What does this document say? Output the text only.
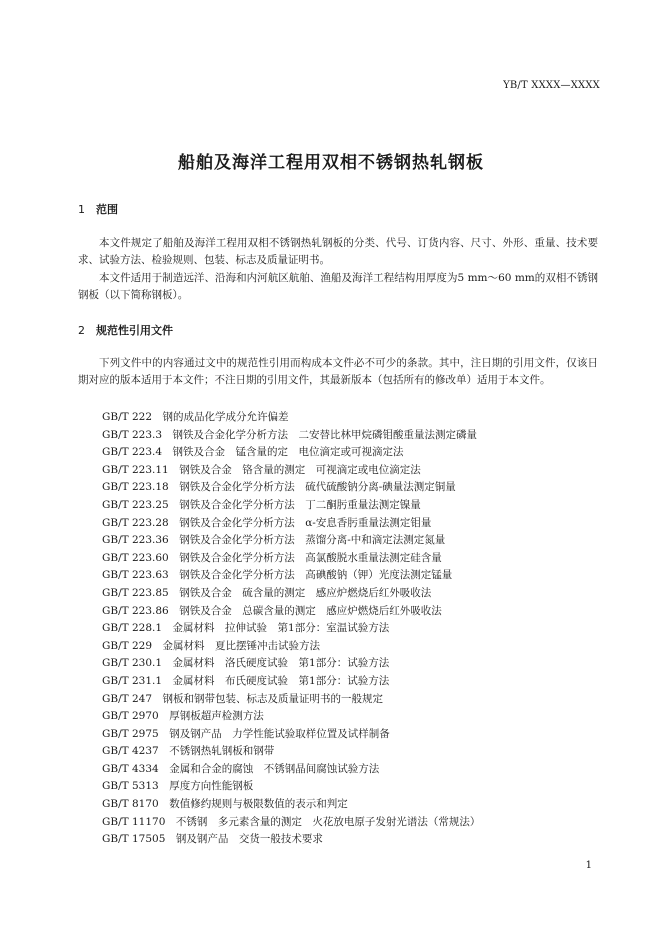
YB/T XXXX—XXXX
船舶及海洋工程用双相不锈钢热轧钢板
1 范围

本文件规定了船舶及海洋工程用双相不锈钢热轧钢板的分类、代号、订货内容、尺寸、外形、重量、技术要求、试验方法、检验规则、包装、标志及质量证明书。

本文件适用于制造远洋、沿海和内河航区航舶、渔船及海洋工程结构用厚度为5 mm～60 mm的双相不锈钢钢板（以下简称钢板）。

2 规范性引用文件

下列文件中的内容通过文中的规范性引用而构成本文件必不可少的条款。其中，注日期的引用文件，仅该日期对应的版本适用于本文件；不注日期的引用文件，其最新版本（包括所有的修改单）适用于本文件。

GB/T 222　钢的成品化学成分允许偏差
GB/T 223.3　钢铁及合金化学分析方法　二安替比林甲烷磷钼酸重量法测定磷量
GB/T 223.4　钢铁及合金　锰含量的定　电位滴定或可视滴定法
GB/T 223.11　钢铁及合金　铬含量的测定　可视滴定或电位滴定法
GB/T 223.18　钢铁及合金化学分析方法　硫代硫酸钠分离-碘量法测定铜量
GB/T 223.25　钢铁及合金化学分析方法　丁二酮肟重量法测定镍量
GB/T 223.28　钢铁及合金化学分析方法　α-安息香肟重量法测定钼量
GB/T 223.36　钢铁及合金化学分析方法　蒸馏分离-中和滴定法测定氮量
GB/T 223.60　钢铁及合金化学分析方法　高氯酸脱水重量法测定硅含量
GB/T 223.63　钢铁及合金化学分析方法　高碘酸钠（钾）光度法测定锰量
GB/T 223.85　钢铁及合金　硫含量的测定　感应炉燃烧后红外吸收法
GB/T 223.86　钢铁及合金　总碳含量的测定　感应炉燃烧后红外吸收法
GB/T 228.1　金属材料　拉伸试验　第1部分：室温试验方法
GB/T 229　金属材料　夏比摆锤冲击试验方法
GB/T 230.1　金属材料　洛氏硬度试验　第1部分：试验方法
GB/T 231.1　金属材料　布氏硬度试验　第1部分：试验方法
GB/T 247　钢板和钢带包装、标志及质量证明书的一般规定
GB/T 2970　厚钢板超声检测方法
GB/T 2975　钢及钢产品　力学性能试验取样位置及试样制备
GB/T 4237　不锈钢热轧钢板和钢带
GB/T 4334　金属和合金的腐蚀　不锈钢晶间腐蚀试验方法
GB/T 5313　厚度方向性能钢板
GB/T 8170　数值修约规则与极限数值的表示和判定
GB/T 11170　不锈钢　多元素含量的测定　火花放电原子发射光谱法（常规法）
GB/T 17505　钢及钢产品　交货一般技术要求
1
